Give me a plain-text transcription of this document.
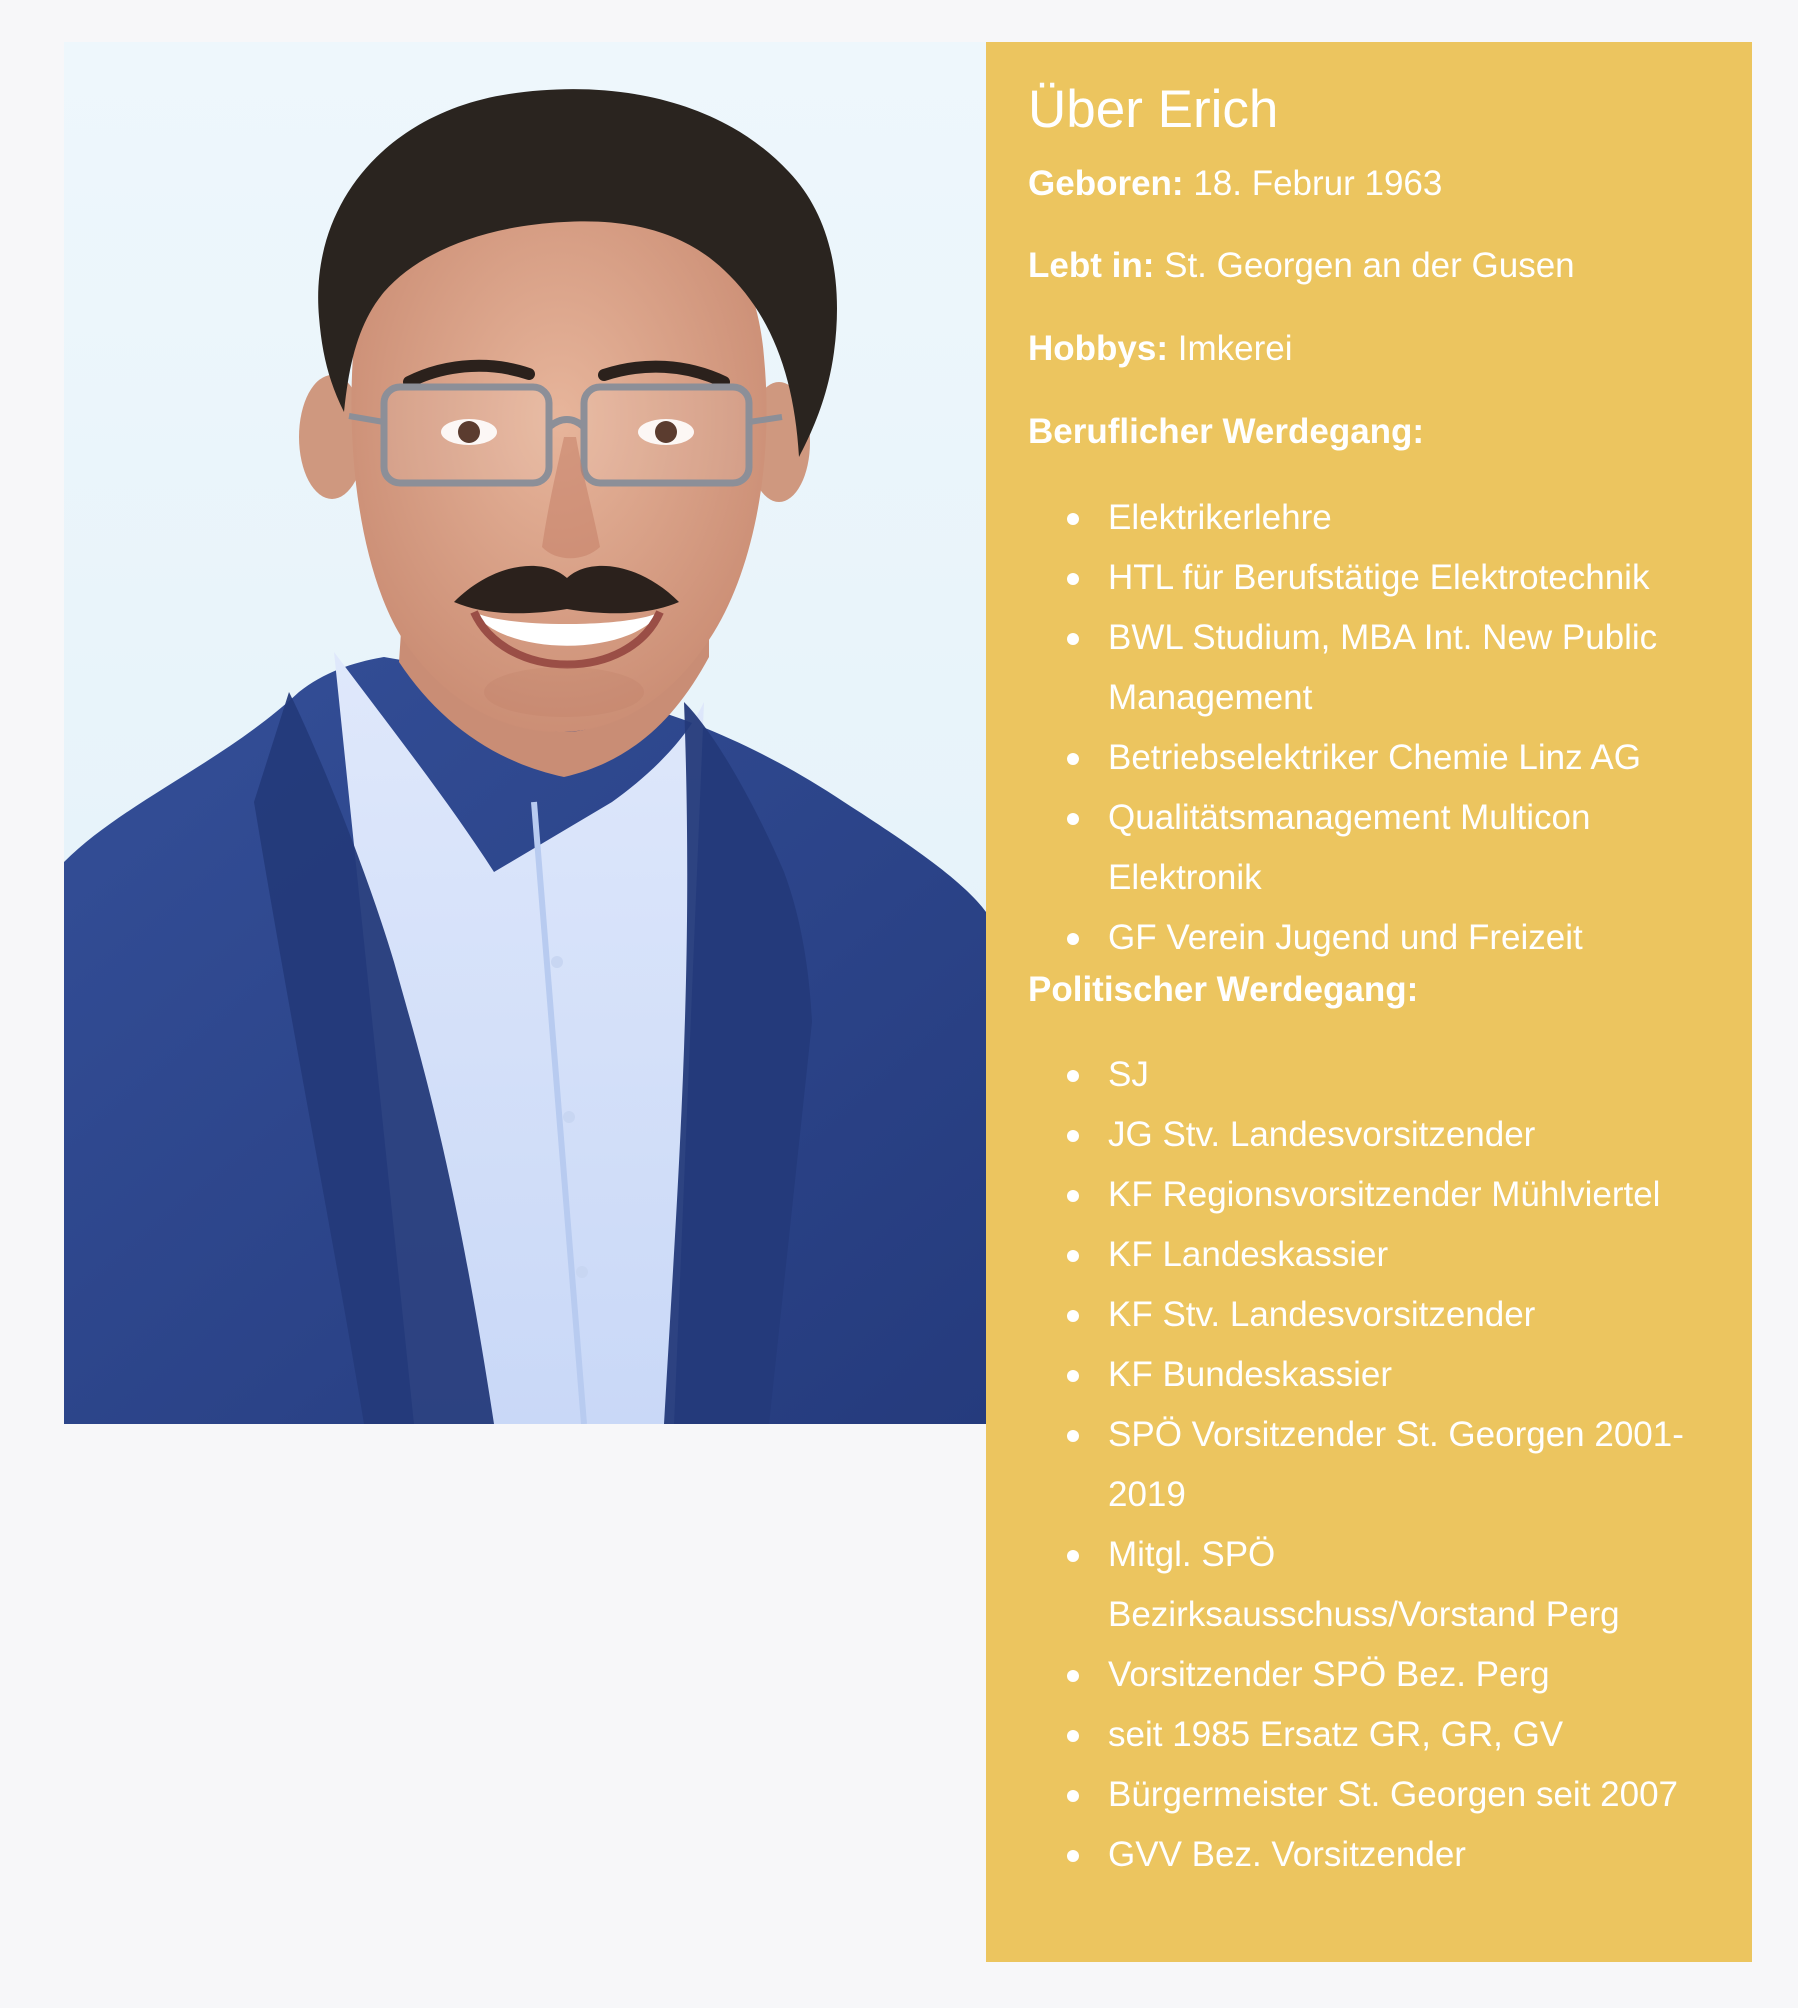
Über Erich

Geboren: 18. Februr 1963

Lebt in: St. Georgen an der Gusen

Hobbys: Imkerei

Beruflicher Werdegang:
Elektrikerlehre
HTL für Berufstätige Elektrotechnik
BWL Studium, MBA Int. New Public Management
Betriebselektriker Chemie Linz AG
Qualitätsmanagement Multicon Elektronik
GF Verein Jugend und Freizeit
Politischer Werdegang:
SJ
JG Stv. Landesvorsitzender
KF Regionsvorsitzender Mühlviertel
KF Landeskassier
KF Stv. Landesvorsitzender
KF Bundeskassier
SPÖ Vorsitzender St. Georgen 2001-2019
Mitgl. SPÖ Bezirksausschuss/Vorstand Perg
Vorsitzender SPÖ Bez. Perg
seit 1985 Ersatz GR, GR, GV
Bürgermeister St. Georgen seit 2007
GVV Bez. Vorsitzender
